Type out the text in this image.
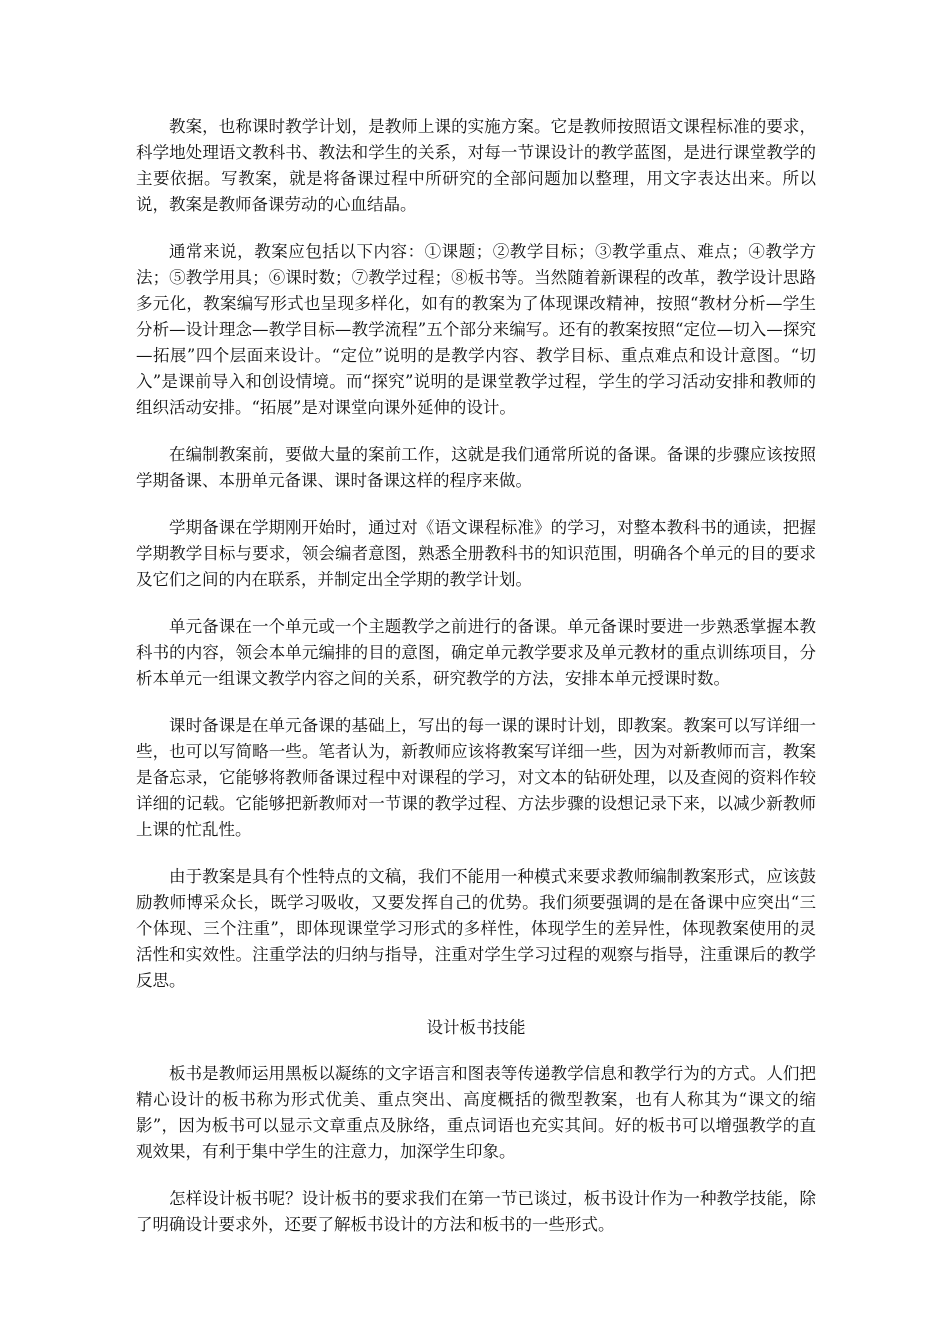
教案，也称课时教学计划，是教师上课的实施方案。它是教师按照语文课程标准的要求，科学地处理语文教科书、教法和学生的关系，对每一节课设计的教学蓝图，是进行课堂教学的主要依据。写教案，就是将备课过程中所研究的全部问题加以整理，用文字表达出来。所以说，教案是教师备课劳动的心血结晶。

通常来说，教案应包括以下内容：①课题；②教学目标；③教学重点、难点；④教学方法；⑤教学用具；⑥课时数；⑦教学过程；⑧板书等。当然随着新课程的改革，教学设计思路多元化，教案编写形式也呈现多样化，如有的教案为了体现课改精神，按照“教材分析—学生分析—设计理念—教学目标—教学流程”五个部分来编写。还有的教案按照“定位—切入—探究—拓展”四个层面来设计。“定位”说明的是教学内容、教学目标、重点难点和设计意图。“切入”是课前导入和创设情境。而“探究”说明的是课堂教学过程，学生的学习活动安排和教师的组织活动安排。“拓展”是对课堂向课外延伸的设计。

在编制教案前，要做大量的案前工作，这就是我们通常所说的备课。备课的步骤应该按照学期备课、本册单元备课、课时备课这样的程序来做。

学期备课在学期刚开始时，通过对《语文课程标准》的学习，对整本教科书的通读，把握学期教学目标与要求，领会编者意图，熟悉全册教科书的知识范围，明确各个单元的目的要求及它们之间的内在联系，并制定出全学期的教学计划。

单元备课在一个单元或一个主题教学之前进行的备课。单元备课时要进一步熟悉掌握本教科书的内容，领会本单元编排的目的意图，确定单元教学要求及单元教材的重点训练项目，分析本单元一组课文教学内容之间的关系，研究教学的方法，安排本单元授课时数。

课时备课是在单元备课的基础上，写出的每一课的课时计划，即教案。教案可以写详细一些，也可以写简略一些。笔者认为，新教师应该将教案写详细一些，因为对新教师而言，教案是备忘录，它能够将教师备课过程中对课程的学习，对文本的钻研处理，以及查阅的资料作较详细的记载。它能够把新教师对一节课的教学过程、方法步骤的设想记录下来，以减少新教师上课的忙乱性。

由于教案是具有个性特点的文稿，我们不能用一种模式来要求教师编制教案形式，应该鼓励教师博采众长，既学习吸收，又要发挥自己的优势。我们须要强调的是在备课中应突出“三个体现、三个注重”，即体现课堂学习形式的多样性，体现学生的差异性，体现教案使用的灵活性和实效性。注重学法的归纳与指导，注重对学生学习过程的观察与指导，注重课后的教学反思。

设计板书技能

板书是教师运用黑板以凝练的文字语言和图表等传递教学信息和教学行为的方式。人们把精心设计的板书称为形式优美、重点突出、高度概括的微型教案，也有人称其为“课文的缩影”，因为板书可以显示文章重点及脉络，重点词语也充实其间。好的板书可以增强教学的直观效果，有利于集中学生的注意力，加深学生印象。

怎样设计板书呢？设计板书的要求我们在第一节已谈过，板书设计作为一种教学技能，除了明确设计要求外，还要了解板书设计的方法和板书的一些形式。
